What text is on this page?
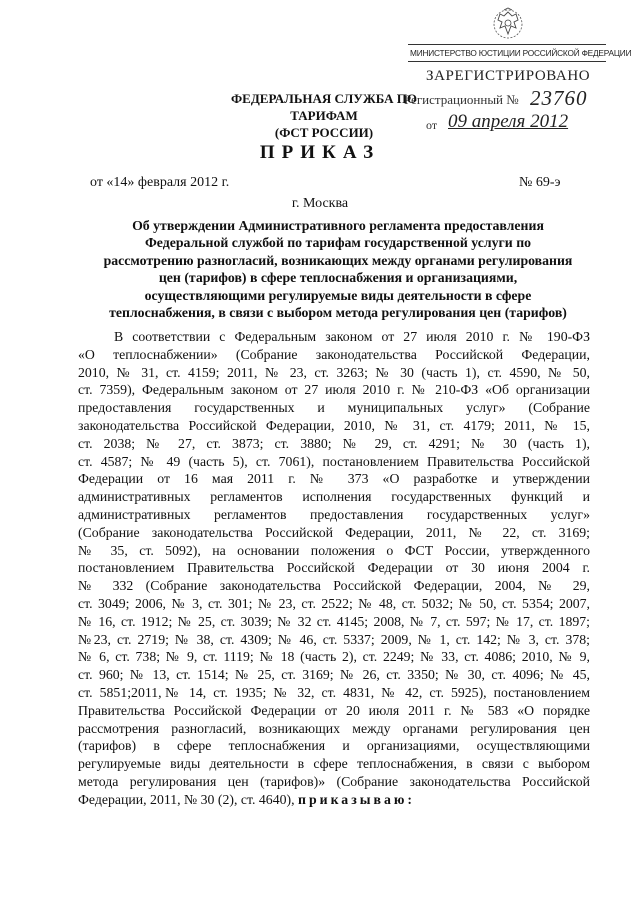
МИНИСТЕРСТВО ЮСТИЦИИ РОССИЙСКОЙ ФЕДЕРАЦИИ
ЗАРЕГИСТРИРОВАНО
Регистрационный № 23760
от 09 апреля 2012
ФЕДЕРАЛЬНАЯ СЛУЖБА ПО ТАРИФАМ
(ФСТ РОССИИ)
ПРИКАЗ
от «14» февраля 2012 г.	№ 69-э
г. Москва
Об утверждении Административного регламента предоставления
Федеральной службой по тарифам государственной услуги по
рассмотрению разногласий, возникающих между органами регулирования
цен (тарифов) в сфере теплоснабжения и организациями,
осуществляющими регулируемые виды деятельности в сфере
теплоснабжения, в связи с выбором метода регулирования цен (тарифов)
В соответствии с Федеральным законом от 27 июля 2010 г. № 190-ФЗ
«О теплоснабжении» (Собрание законодательства Российской Федерации,
2010, № 31, ст. 4159; 2011, № 23, ст. 3263; № 30 (часть 1), ст. 4590, № 50,
ст. 7359), Федеральным законом от 27 июля 2010 г. № 210-ФЗ «Об организации
предоставления государственных и муниципальных услуг» (Собрание
законодательства Российской Федерации, 2010, № 31, ст. 4179; 2011, № 15,
ст. 2038; № 27, ст. 3873; ст. 3880; № 29, ст. 4291; № 30 (часть 1),
ст. 4587; № 49 (часть 5), ст. 7061), постановлением Правительства Российской
Федерации от 16 мая 2011 г. № 373 «О разработке и утверждении
административных регламентов исполнения государственных функций и
административных регламентов предоставления государственных услуг»
(Собрание законодательства Российской Федерации, 2011, № 22, ст. 3169;
№ 35, ст. 5092), на основании положения о ФСТ России, утвержденного
постановлением Правительства Российской Федерации от 30 июня 2004 г.
№ 332 (Собрание законодательства Российской Федерации, 2004, № 29,
ст. 3049; 2006, № 3, ст. 301; № 23, ст. 2522; № 48, ст. 5032; № 50, ст. 5354; 2007,
№ 16, ст. 1912; № 25, ст. 3039; № 32 ст. 4145; 2008, № 7, ст. 597; № 17, ст. 1897;
№23, ст. 2719; № 38, ст. 4309; № 46, ст. 5337; 2009, № 1, ст. 142; № 3, ст. 378;
№ 6, ст. 738; № 9, ст. 1119; № 18 (часть 2), ст. 2249; № 33, ст. 4086; 2010, № 9,
ст. 960; № 13, ст. 1514; № 25, ст. 3169; № 26, ст. 3350; № 30, ст. 4096; № 45,
ст. 5851;2011,№ 14, ст. 1935; № 32, ст. 4831, № 42, ст. 5925), постановлением
Правительства Российской Федерации от 20 июля 2011 г. № 583 «О порядке
рассмотрения разногласий, возникающих между органами регулирования цен
(тарифов) в сфере теплоснабжения и организациями, осуществляющими
регулируемые виды деятельности в сфере теплоснабжения, в связи с выбором
метода регулирования цен (тарифов)» (Собрание законодательства Российской
Федерации, 2011, № 30 (2), ст. 4640), приказываю:
